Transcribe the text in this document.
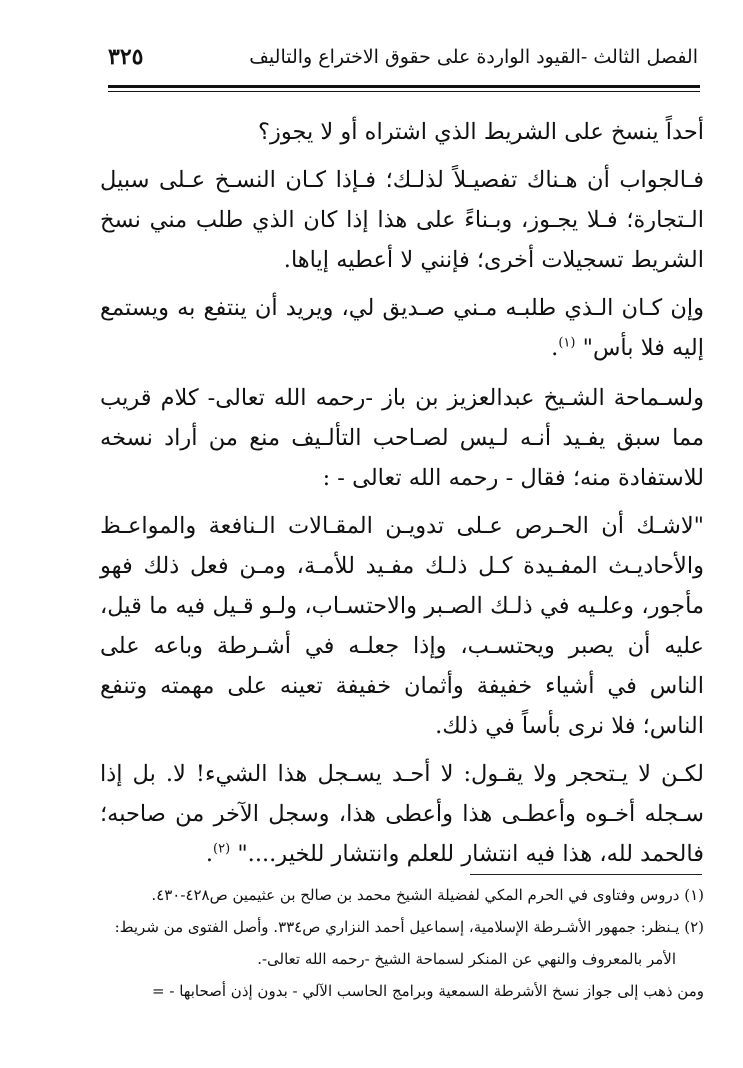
الفصل الثالث -القيود الواردة على حقوق الاختراع والتاليف
٣٢٥

أحداً ينسخ على الشريط الذي اشتراه أو لا يجوز؟

فـالجواب أن هـناك تفصيـلاً لذلـك؛ فـإذا كـان النسـخ عـلى سبيل الـتجارة؛ فـلا يجـوز، وبـناءً على هذا إذا كان الذي طلب مني نسخ الشريط تسجيلات أخرى؛ فإنني لا أعطيه إياها.

وإن كـان الـذي طلبـه مـني صـديق لي، ويريد أن ينتفع به ويستمع إليه فلا بأس" $^{(١)}$.

ولسـماحة الشـيخ عبدالعزيز بن باز -رحمه الله تعالى- كلام قريب مما سبق يفـيد أنـه لـيس لصـاحب التألـيف منع من أراد نسخه للاستفادة منه؛ فقال - رحمه الله تعالى - :

"لاشـك أن الحـرص عـلى تدويـن المقـالات الـنافعة والمواعـظ والأحاديـث المفـيدة كـل ذلـك مفـيد للأمـة، ومـن فعل ذلك فهو مأجور، وعلـيه في ذلـك الصـبر والاحتسـاب، ولـو قـيل فيه ما قيل، عليه أن يصبر ويحتسـب، وإذا جعلـه في أشـرطة وباعه على الناس في أشياء خفيفة وأثمان خفيفة تعينه على مهمته وتنفع الناس؛ فلا نرى بأساً في ذلك.

لكـن لا يـتحجر ولا يقـول: لا أحـد يسـجل هذا الشيء! لا. بل إذا سـجله أخـوه وأعطـى هذا وأعطى هذا، وسجل الآخر من صاحبه؛ فالحمد لله، هذا فيه انتشار للعلم وانتشار للخير...." $^{(٢)}$.

(١) دروس وفتاوى في الحرم المكي لفضيلة الشيخ محمد بن صالح بن عثيمين ص٤٢٨-٤٣٠.

(٢) يـنظر: جمهور الأشـرطة الإسلامية، إسماعيل أحمد النزاري ص٣٣٤. وأصل الفتوى من شريط:

الأمر بالمعروف والنهي عن المنكر لسماحة الشيخ -رحمه الله تعالى-.

ومن ذهب إلى جواز نسخ الأشرطة السمعية وبرامج الحاسب الآلي - بدون إذن أصحابها - =
